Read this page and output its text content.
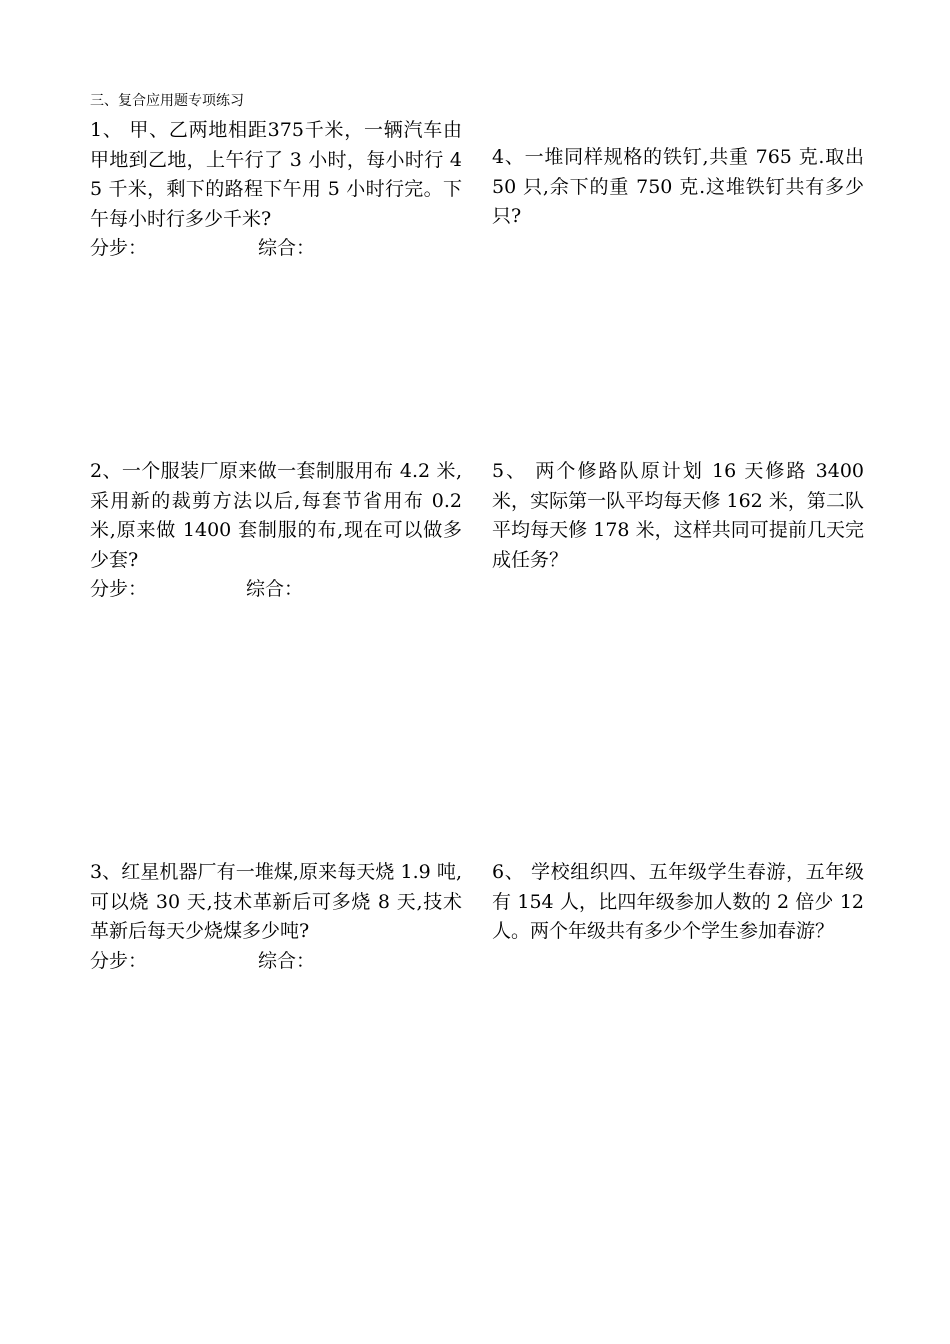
三、复合应用题专项练习

1、 甲、乙两地相距375千米，一辆汽车由甲地到乙地，上午行了 3 小时，每小时行 45 千米，剩下的路程下午用 5 小时行完。下午每小时行多少千米?

分步：	综合：

2、一个服装厂原来做一套制服用布 4.2 米,采用新的裁剪方法以后,每套节省用布 0.2 米,原来做 1400 套制服的布,现在可以做多少套?

分步：	综合：

3、红星机器厂有一堆煤,原来每天烧 1.9 吨,可以烧 30 天,技术革新后可多烧 8 天,技术革新后每天少烧煤多少吨?

分步：	综合：

4、一堆同样规格的铁钉,共重 765 克.取出 50 只,余下的重 750 克.这堆铁钉共有多少只?

5、 两个修路队原计划 16 天修路 3400 米，实际第一队平均每天修 162 米，第二队平均每天修 178 米，这样共同可提前几天完成任务？

6、 学校组织四、五年级学生春游，五年级有 154 人，比四年级参加人数的 2 倍少 12 人。两个年级共有多少个学生参加春游？
